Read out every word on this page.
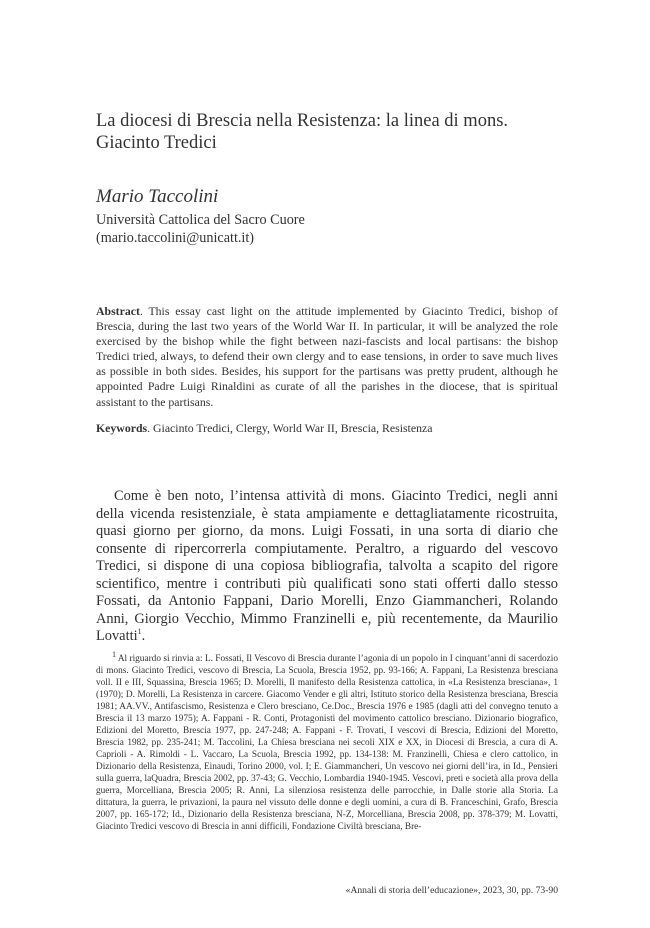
La diocesi di Brescia nella Resistenza: la linea di mons. Giacinto Tredici
Mario Taccolini
Università Cattolica del Sacro Cuore
(mario.taccolini@unicatt.it)
Abstract. This essay cast light on the attitude implemented by Giacinto Tredici, bishop of Brescia, during the last two years of the World War II. In particular, it will be analyzed the role exercised by the bishop while the fight between nazi-fascists and local partisans: the bishop Tredici tried, always, to defend their own clergy and to ease tensions, in order to save much lives as possible in both sides. Besides, his support for the partisans was pretty prudent, although he appointed Padre Luigi Rinaldini as curate of all the parishes in the diocese, that is spiritual assistant to the partisans.
Keywords. Giacinto Tredici, Clergy, World War II, Brescia, Resistenza
Come è ben noto, l’intensa attività di mons. Giacinto Tredici, negli anni della vicenda resistenziale, è stata ampiamente e dettagliatamente ricostruita, quasi giorno per giorno, da mons. Luigi Fossati, in una sorta di diario che consente di ripercorrerla compiutamente. Peraltro, a riguardo del vescovo Tredici, si dispone di una copiosa bibliografia, talvolta a scapito del rigore scientifico, mentre i contributi più qualificati sono stati offerti dallo stesso Fossati, da Antonio Fappani, Dario Morelli, Enzo Giammancheri, Rolando Anni, Giorgio Vecchio, Mimmo Franzinelli e, più recentemente, da Maurilio Lovatti$^1$.
1 Al riguardo si rinvia a: L. Fossati, Il Vescovo di Brescia durante l’agonia di un popolo in I cinquant’anni di sacerdozio di mons. Giacinto Tredici, vescovo di Brescia, La Scuola, Brescia 1952, pp. 93-166; A. Fappani, La Resistenza bresciana voll. II e III, Squassina, Brescia 1965; D. Morelli, Il manifesto della Resistenza cattolica, in «La Resistenza bresciana», 1 (1970); D. Morelli, La Resistenza in carcere. Giacomo Vender e gli altri, Istituto storico della Resistenza bresciana, Brescia 1981; AA.VV., Antifascismo, Resistenza e Clero bresciano, Ce.Doc., Brescia 1976 e 1985 (dagli atti del convegno tenuto a Brescia il 13 marzo 1975); A. Fappani - R. Conti, Protagonisti del movimento cattolico bresciano. Dizionario biografico, Edizioni del Moretto, Brescia 1977, pp. 247-248; A. Fappani - F. Trovati, I vescovi di Brescia, Edizioni del Moretto, Brescia 1982, pp. 235-241; M. Taccolini, La Chiesa bresciana nei secoli XIX e XX, in Diocesi di Brescia, a cura di A. Caprioli - A. Rimoldi - L. Vaccaro, La Scuola, Brescia 1992, pp. 134-138: M. Franzinelli, Chiesa e clero cattolico, in Dizionario della Resistenza, Einaudi, Torino 2000, vol. I; E. Giammancheri, Un vescovo nei giorni dell’ira, in Id., Pensieri sulla guerra, laQuadra, Brescia 2002, pp. 37-43; G. Vecchio, Lombardia 1940-1945. Vescovi, preti e società alla prova della guerra, Morcelliana, Brescia 2005; R. Anni, La silenziosa resistenza delle parrocchie, in Dalle storie alla Storia. La dittatura, la guerra, le privazioni, la paura nel vissuto delle donne e degli uomini, a cura di B. Franceschini, Grafo, Brescia 2007, pp. 165-172; Id., Dizionario della Resistenza bresciana, N-Z, Morcelliana, Brescia 2008, pp. 378-379; M. Lovatti, Giacinto Tredici vescovo di Brescia in anni difficili, Fondazione Civiltà bresciana, Bre-
«Annali di storia dell’educazione», 2023, 30, pp. 73-90
